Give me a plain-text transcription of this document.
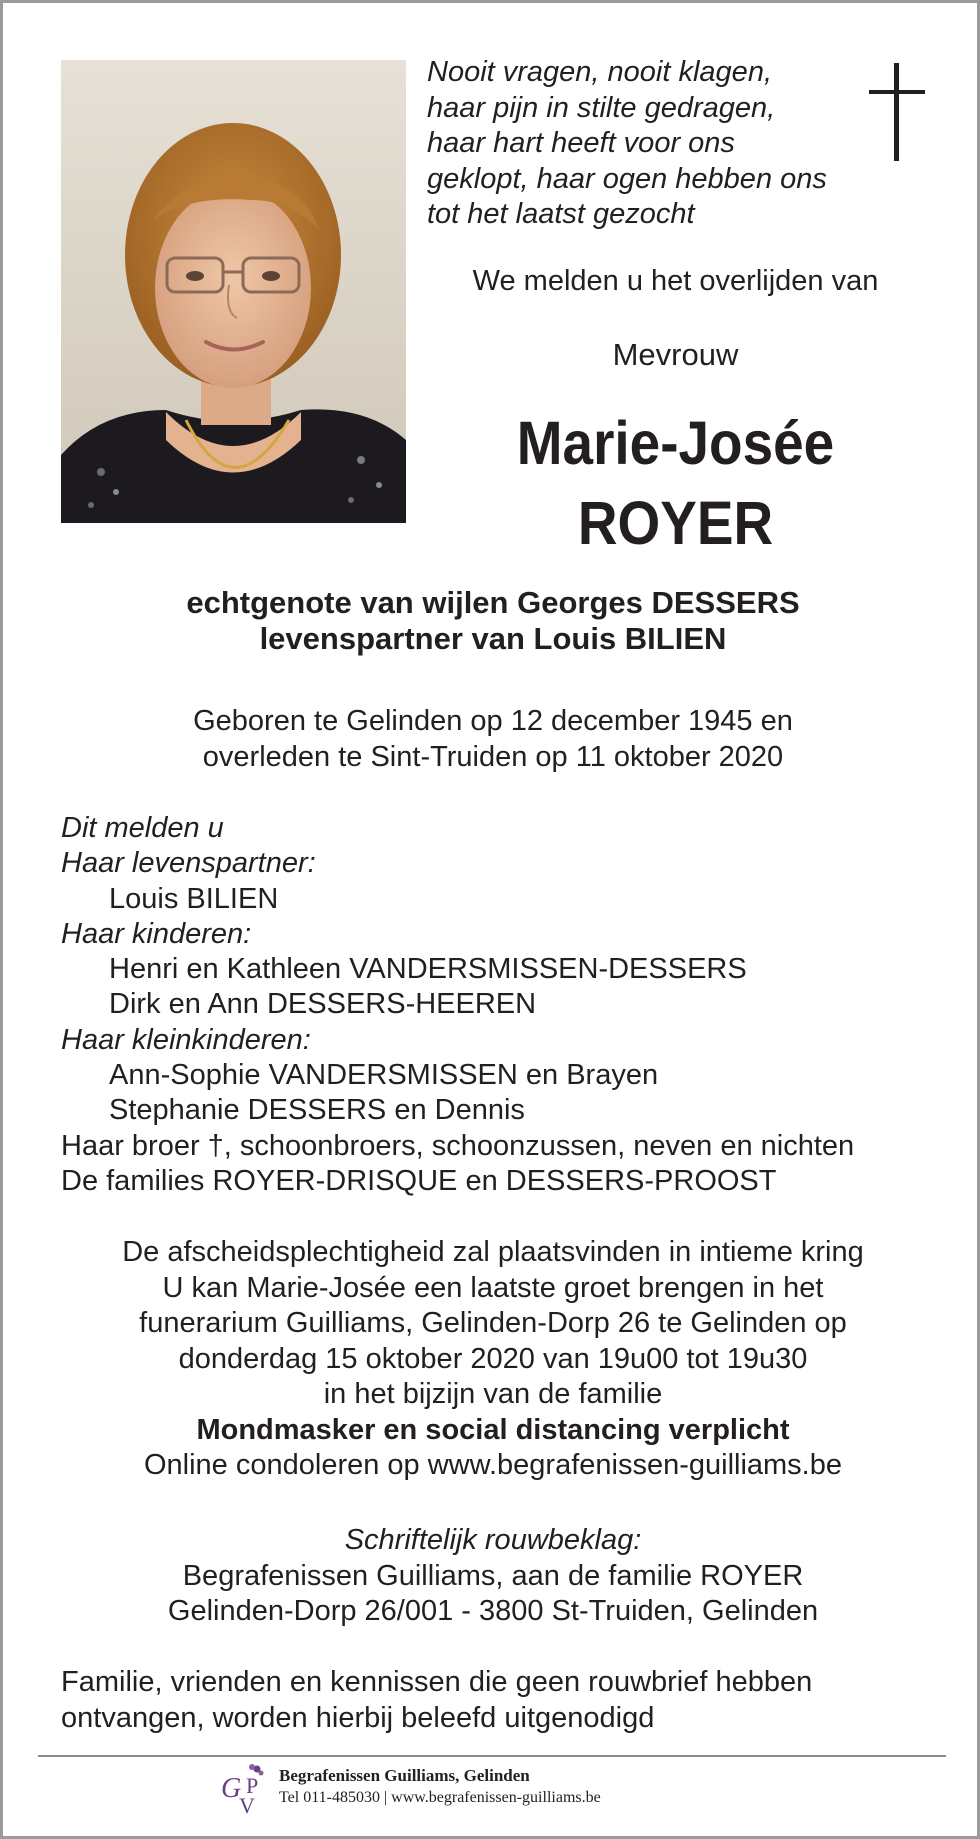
Nooit vragen, nooit klagen,
haar pijn in stilte gedragen,
haar hart heeft voor ons
geklopt, haar ogen hebben ons
tot het laatst gezocht
We melden u het overlijden van
Mevrouw
Marie-Josée
ROYER
echtgenote van wijlen Georges DESSERS
levenspartner van Louis BILIEN
Geboren te Gelinden op 12 december 1945 en
overleden te Sint-Truiden op 11 oktober 2020
Dit melden u
Haar levenspartner:
Louis BILIEN
Haar kinderen:
Henri en Kathleen VANDERSMISSEN-DESSERS
Dirk en Ann DESSERS-HEEREN
Haar kleinkinderen:
Ann-Sophie VANDERSMISSEN en Brayen
Stephanie DESSERS en Dennis
Haar broer †, schoonbroers, schoonzussen, neven en nichten
De families ROYER-DRISQUE en DESSERS-PROOST
De afscheidsplechtigheid zal plaatsvinden in intieme kring
U kan Marie-Josée een laatste groet brengen in het
funerarium Guilliams, Gelinden-Dorp 26 te Gelinden op
donderdag 15 oktober 2020 van 19u00 tot 19u30
in het bijzijn van de familie
Mondmasker en social distancing verplicht
Online condoleren op www.begrafenissen-guilliams.be
Schriftelijk rouwbeklag:
Begrafenissen Guilliams, aan de familie ROYER
Gelinden-Dorp 26/001 - 3800 St-Truiden, Gelinden
Familie, vrienden en kennissen die geen rouwbrief hebben
ontvangen, worden hierbij beleefd uitgenodigd
G
V
P Begrafenissen Guilliams, Gelinden
Tel 011-485030 | www.begrafenissen-guilliams.be
